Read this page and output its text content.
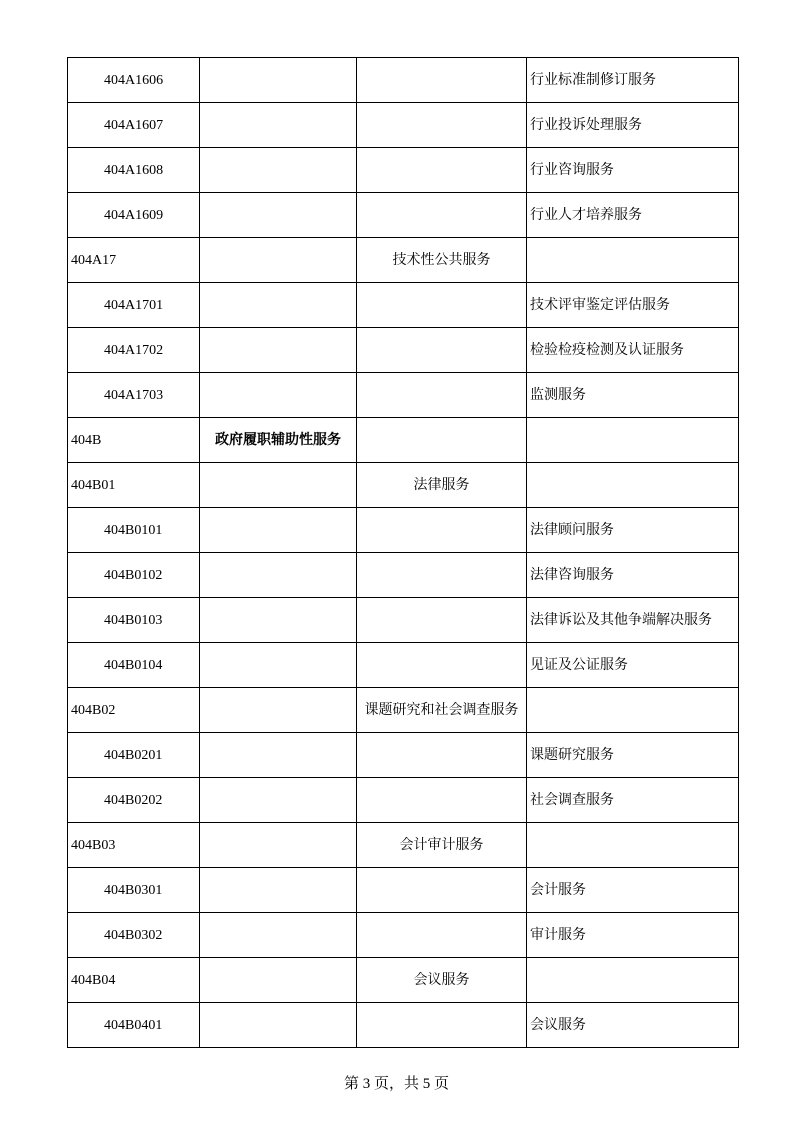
404A1606			行业标准制修订服务
404A1607			行业投诉处理服务
404A1608			行业咨询服务
404A1609			行业人才培养服务
404A17		技术性公共服务	
404A1701			技术评审鉴定评估服务
404A1702			检验检疫检测及认证服务
404A1703			监测服务
404B	政府履职辅助性服务		
404B01		法律服务	
404B0101			法律顾问服务
404B0102			法律咨询服务
404B0103			法律诉讼及其他争端解决服务
404B0104			见证及公证服务
404B02		课题研究和社会调查服务	
404B0201			课题研究服务
404B0202			社会调查服务
404B03		会计审计服务	
404B0301			会计服务
404B0302			审计服务
404B04		会议服务	
404B0401			会议服务
第 3 页，共 5 页
